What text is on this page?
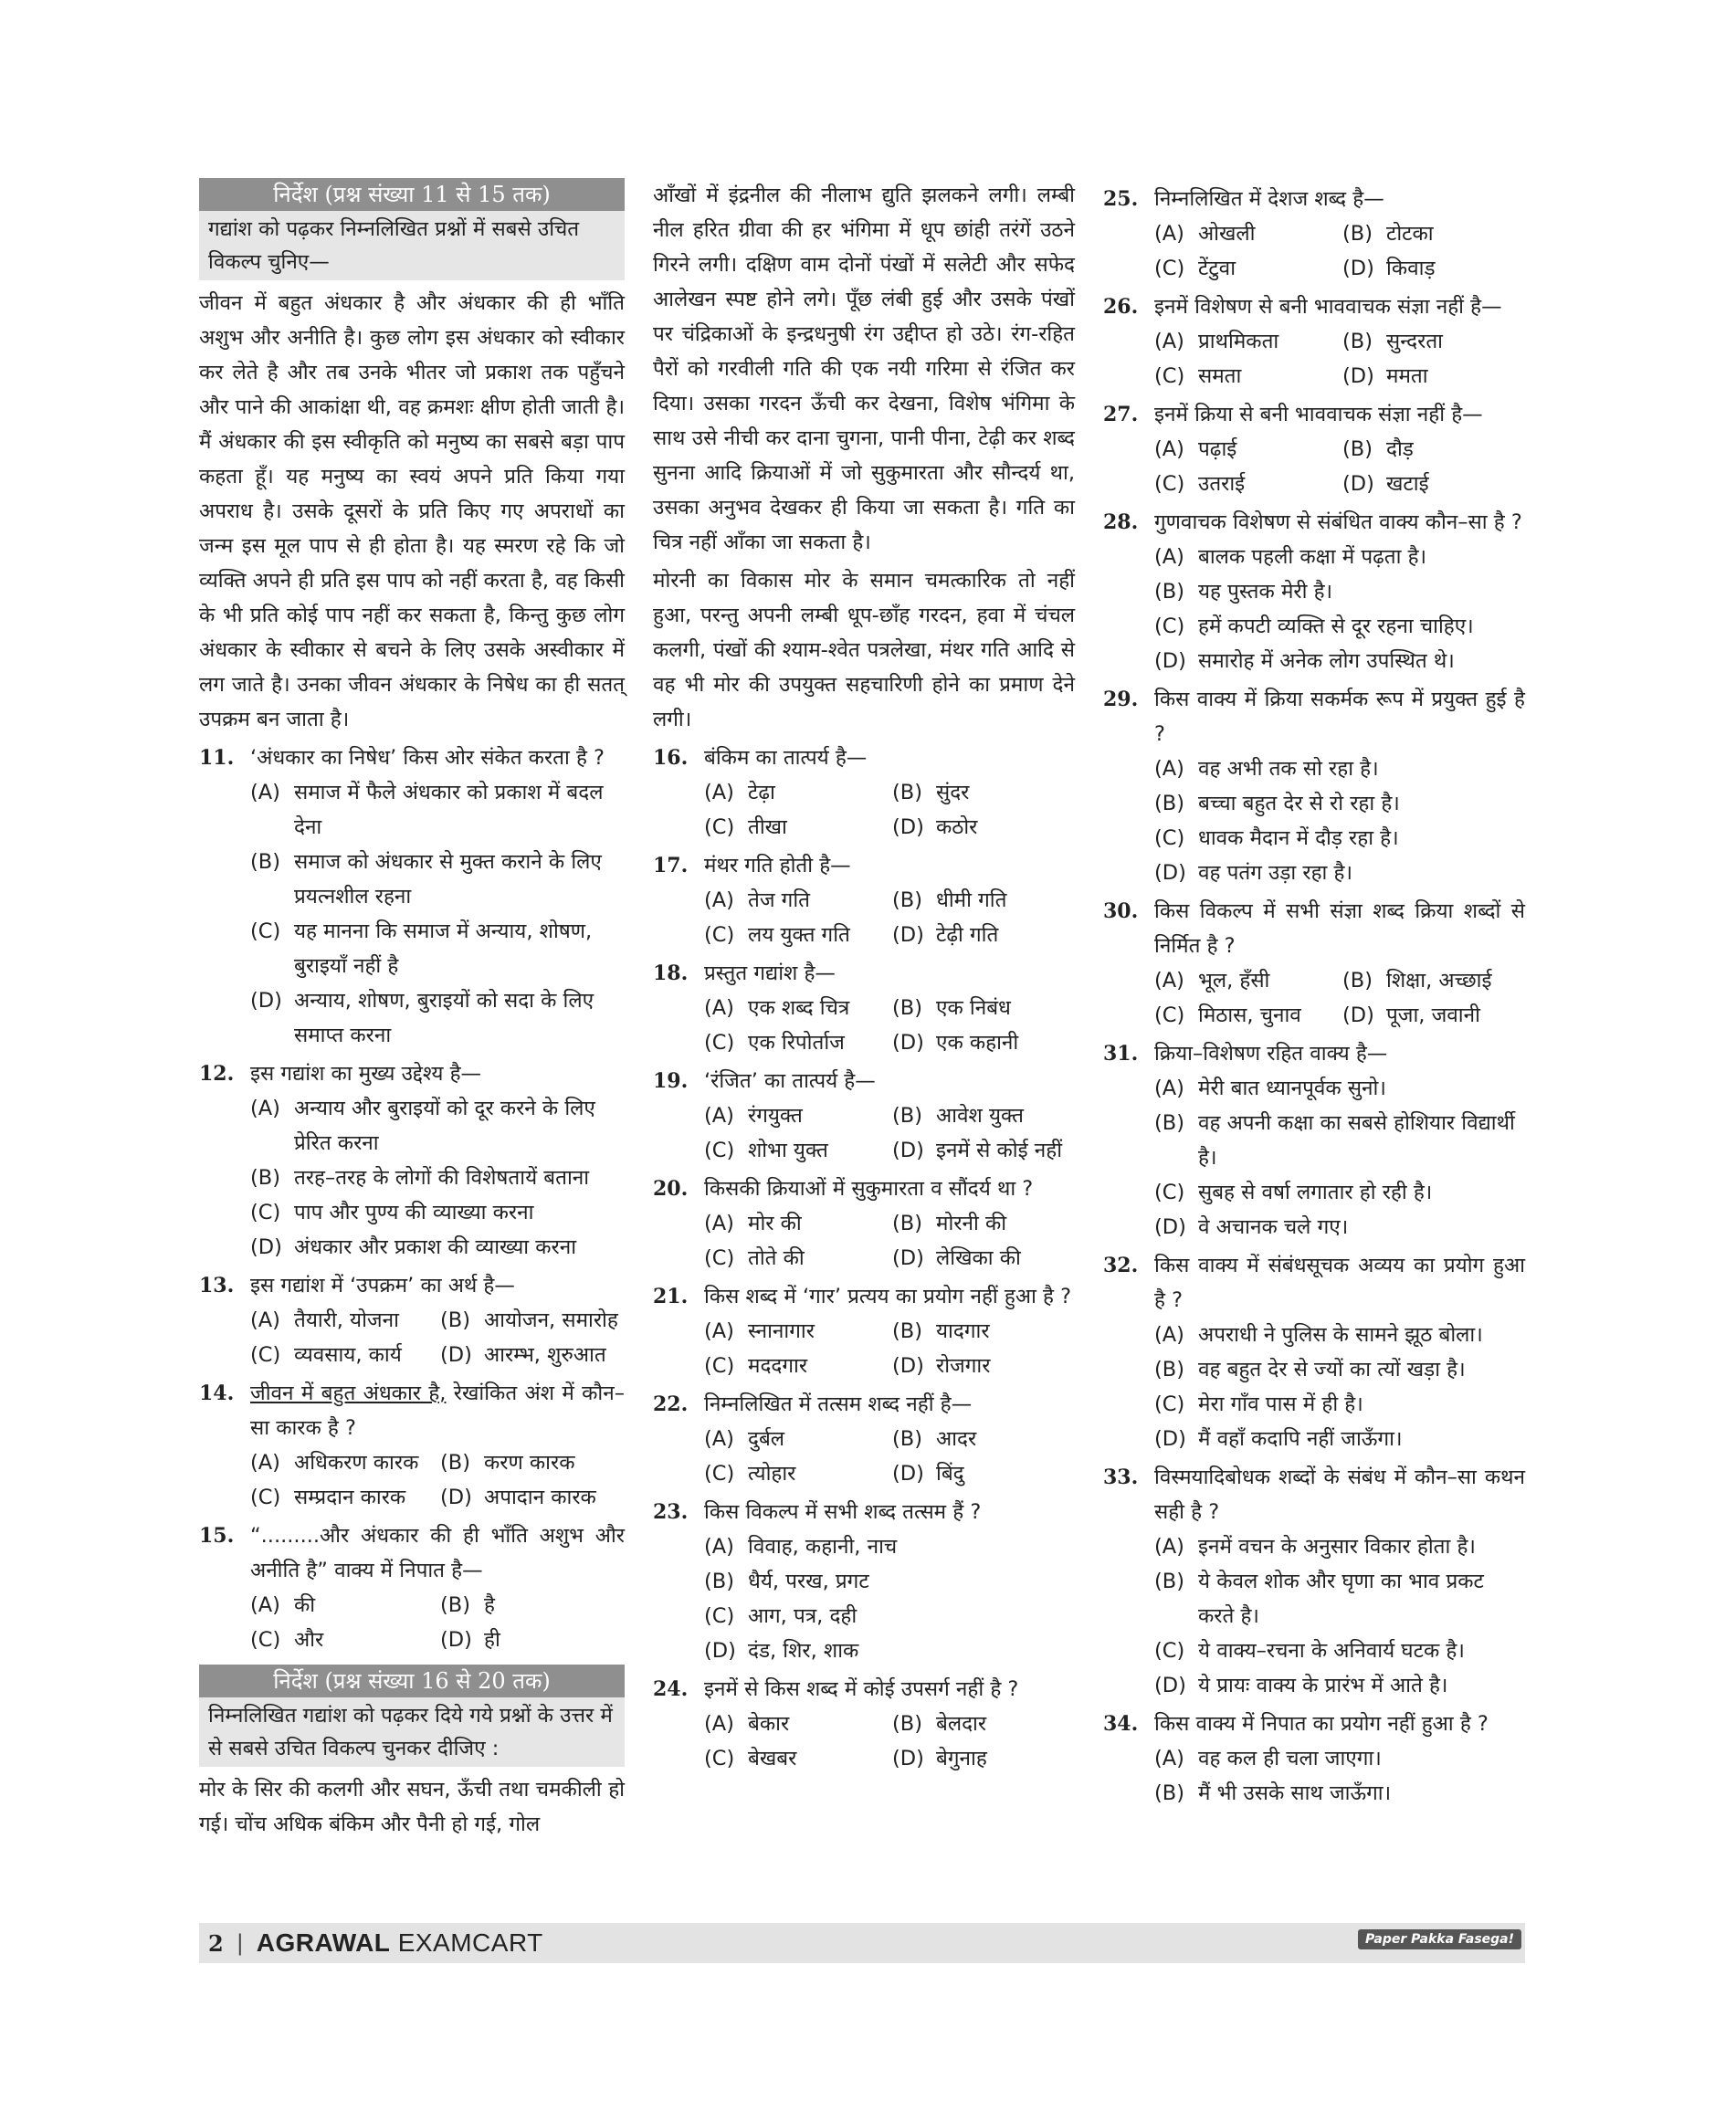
निर्देश (प्रश्न संख्या 11 से 15 तक)
गद्यांश को पढ़कर निम्नलिखित प्रश्नों में सबसे उचित विकल्प चुनिए—
जीवन में बहुत अंधकार है और अंधकार की ही भाँति अशुभ और अनीति है। कुछ लोग इस अंधकार को स्वीकार कर लेते है और तब उनके भीतर जो प्रकाश तक पहुँचने और पाने की आकांक्षा थी, वह क्रमशः क्षीण होती जाती है। मैं अंधकार की इस स्वीकृति को मनुष्य का सबसे बड़ा पाप कहता हूँ। यह मनुष्य का स्वयं अपने प्रति किया गया अपराध है। उसके दूसरों के प्रति किए गए अपराधों का जन्म इस मूल पाप से ही होता है। यह स्मरण रहे कि जो व्यक्ति अपने ही प्रति इस पाप को नहीं करता है, वह किसी के भी प्रति कोई पाप नहीं कर सकता है, किन्तु कुछ लोग अंधकार के स्वीकार से बचने के लिए उसके अस्वीकार में लग जाते है। उनका जीवन अंधकार के निषेध का ही सतत् उपक्रम बन जाता है।
11. ‘अंधकार का निषेध’ किस ओर संकेत करता है ?
(A) समाज में फैले अंधकार को प्रकाश में बदल देना
(B) समाज को अंधकार से मुक्त कराने के लिए प्रयत्नशील रहना
(C) यह मानना कि समाज में अन्याय, शोषण, बुराइयाँ नहीं है
(D) अन्याय, शोषण, बुराइयों को सदा के लिए समाप्त करना
12. इस गद्यांश का मुख्य उद्देश्य है—
(A) अन्याय और बुराइयों को दूर करने के लिए प्रेरित करना
(B) तरह–तरह के लोगों की विशेषतायें बताना
(C) पाप और पुण्य की व्याख्या करना
(D) अंधकार और प्रकाश की व्याख्या करना
13. इस गद्यांश में ‘उपक्रम’ का अर्थ है—
(A) तैयारी, योजना	(B) आयोजन, समारोह
(C) व्यवसाय, कार्य	(D) आरम्भ, शुरुआत
14. जीवन में बहुत अंधकार है, रेखांकित अंश में कौन–सा कारक है ?
(A) अधिकरण कारक	(B) करण कारक
(C) सम्प्रदान कारक	(D) अपादान कारक
15. “.........और अंधकार की ही भाँति अशुभ और अनीति है” वाक्य में निपात है—
(A) की	(B) है
(C) और	(D) ही
निर्देश (प्रश्न संख्या 16 से 20 तक)
निम्नलिखित गद्यांश को पढ़कर दिये गये प्रश्नों के उत्तर में से सबसे उचित विकल्प चुनकर दीजिए :
मोर के सिर की कलगी और सघन, ऊँची तथा चमकीली हो गई। चोंच अधिक बंकिम और पैनी हो गई, गोल
आँखों में इंद्रनील की नीलाभ द्युति झलकने लगी। लम्बी नील हरित ग्रीवा की हर भंगिमा में धूप छांही तरंगें उठने गिरने लगी। दक्षिण वाम दोनों पंखों में सलेटी और सफेद आलेखन स्पष्ट होने लगे। पूँछ लंबी हुई और उसके पंखों पर चंद्रिकाओं के इन्द्रधनुषी रंग उद्दीप्त हो उठे। रंग-रहित पैरों को गरवीली गति की एक नयी गरिमा से रंजित कर दिया। उसका गरदन ऊँची कर देखना, विशेष भंगिमा के साथ उसे नीची कर दाना चुगना, पानी पीना, टेढ़ी कर शब्द सुनना आदि क्रियाओं में जो सुकुमारता और सौन्दर्य था, उसका अनुभव देखकर ही किया जा सकता है। गति का चित्र नहीं आँका जा सकता है।
मोरनी का विकास मोर के समान चमत्कारिक तो नहीं हुआ, परन्तु अपनी लम्बी धूप-छाँह गरदन, हवा में चंचल कलगी, पंखों की श्याम-श्वेत पत्रलेखा, मंथर गति आदि से वह भी मोर की उपयुक्त सहचारिणी होने का प्रमाण देने लगी।
16. बंकिम का तात्पर्य है—
(A) टेढ़ा	(B) सुंदर
(C) तीखा	(D) कठोर
17. मंथर गति होती है—
(A) तेज गति	(B) धीमी गति
(C) लय युक्त गति	(D) टेढ़ी गति
18. प्रस्तुत गद्यांश है—
(A) एक शब्द चित्र	(B) एक निबंध
(C) एक रिपोर्ताज	(D) एक कहानी
19. ‘रंजित’ का तात्पर्य है—
(A) रंगयुक्त	(B) आवेश युक्त
(C) शोभा युक्त	(D) इनमें से कोई नहीं
20. किसकी क्रियाओं में सुकुमारता व सौंदर्य था ?
(A) मोर की	(B) मोरनी की
(C) तोते की	(D) लेखिका की
21. किस शब्द में ‘गार’ प्रत्यय का प्रयोग नहीं हुआ है ?
(A) स्नानागार	(B) यादगार
(C) मददगार	(D) रोजगार
22. निम्नलिखित में तत्सम शब्द नहीं है—
(A) दुर्बल	(B) आदर
(C) त्योहार	(D) बिंदु
23. किस विकल्प में सभी शब्द तत्सम हैं ?
(A) विवाह, कहानी, नाच
(B) धैर्य, परख, प्रगट
(C) आग, पत्र, दही
(D) दंड, शिर, शाक
24. इनमें से किस शब्द में कोई उपसर्ग नहीं है ?
(A) बेकार	(B) बेलदार
(C) बेखबर	(D) बेगुनाह
25. निम्नलिखित में देशज शब्द है—
(A) ओखली	(B) टोटका
(C) टेंटुवा	(D) किवाड़
26. इनमें विशेषण से बनी भाववाचक संज्ञा नहीं है—
(A) प्राथमिकता	(B) सुन्दरता
(C) समता	(D) ममता
27. इनमें क्रिया से बनी भाववाचक संज्ञा नहीं है—
(A) पढ़ाई	(B) दौड़
(C) उतराई	(D) खटाई
28. गुणवाचक विशेषण से संबंधित वाक्य कौन–सा है ?
(A) बालक पहली कक्षा में पढ़ता है।
(B) यह पुस्तक मेरी है।
(C) हमें कपटी व्यक्ति से दूर रहना चाहिए।
(D) समारोह में अनेक लोग उपस्थित थे।
29. किस वाक्य में क्रिया सकर्मक रूप में प्रयुक्त हुई है ?
(A) वह अभी तक सो रहा है।
(B) बच्चा बहुत देर से रो रहा है।
(C) धावक मैदान में दौड़ रहा है।
(D) वह पतंग उड़ा रहा है।
30. किस विकल्प में सभी संज्ञा शब्द क्रिया शब्दों से निर्मित है ?
(A) भूल, हँसी	(B) शिक्षा, अच्छाई
(C) मिठास, चुनाव	(D) पूजा, जवानी
31. क्रिया–विशेषण रहित वाक्य है—
(A) मेरी बात ध्यानपूर्वक सुनो।
(B) वह अपनी कक्षा का सबसे होशियार विद्यार्थी है।
(C) सुबह से वर्षा लगातार हो रही है।
(D) वे अचानक चले गए।
32. किस वाक्य में संबंधसूचक अव्यय का प्रयोग हुआ है ?
(A) अपराधी ने पुलिस के सामने झूठ बोला।
(B) वह बहुत देर से ज्यों का त्यों खड़ा है।
(C) मेरा गाँव पास में ही है।
(D) मैं वहाँ कदापि नहीं जाऊँगा।
33. विस्मयादिबोधक शब्दों के संबंध में कौन–सा कथन सही है ?
(A) इनमें वचन के अनुसार विकार होता है।
(B) ये केवल शोक और घृणा का भाव प्रकट करते है।
(C) ये वाक्य–रचना के अनिवार्य घटक है।
(D) ये प्रायः वाक्य के प्रारंभ में आते है।
34. किस वाक्य में निपात का प्रयोग नहीं हुआ है ?
(A) वह कल ही चला जाएगा।
(B) मैं भी उसके साथ जाऊँगा।
2 | AGRAWAL EXAMCART	Paper Pakka Fasega!
